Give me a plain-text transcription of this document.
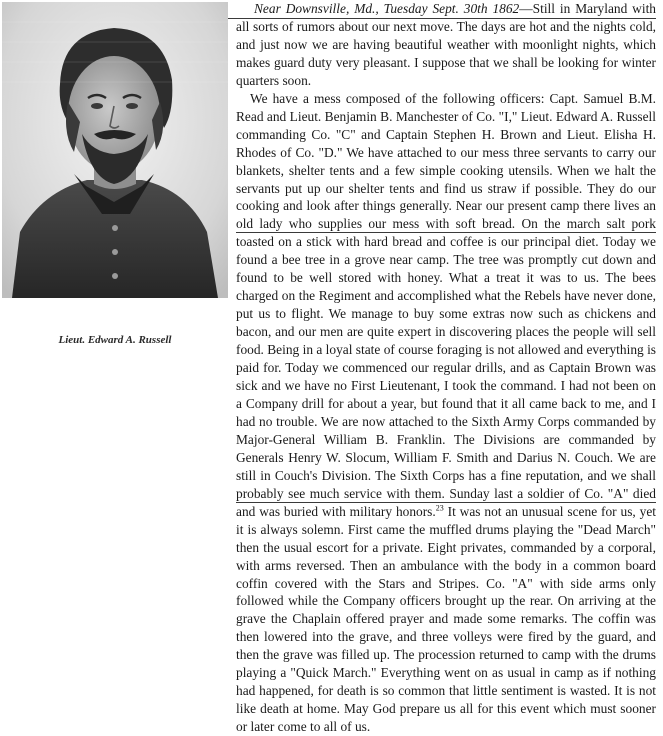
Lieut. Edward A. Russell

Near Downsville, Md., Tuesday Sept. 30th 1862—Still in Maryland with all sorts of rumors about our next move. The days are hot and the nights cold, and just now we are having beautiful weather with moonlight nights, which makes guard duty very pleasant. I suppose that we shall be looking for winter quarters soon.

We have a mess composed of the following officers: Capt. Samuel B.M. Read and Lieut. Benjamin B. Manchester of Co. "I," Lieut. Edward A. Russell commanding Co. "C" and Captain Stephen H. Brown and Lieut. Elisha H. Rhodes of Co. "D." We have attached to our mess three servants to carry our blankets, shelter tents and a few simple cooking utensils. When we halt the servants put up our shelter tents and find us straw if possible. They do our cooking and look after things generally. Near our present camp there lives an old lady who supplies our mess with soft bread. On the march salt pork toasted on a stick with hard bread and coffee is our principal diet. Today we found a bee tree in a grove near camp. The tree was promptly cut down and found to be well stored with honey. What a treat it was to us. The bees charged on the Regiment and accomplished what the Rebels have never done, put us to flight. We manage to buy some extras now such as chickens and bacon, and our men are quite expert in discovering places the people will sell food. Being in a loyal state of course foraging is not allowed and everything is paid for. Today we commenced our regular drills, and as Captain Brown was sick and we have no First Lieutenant, I took the command. I had not been on a Company drill for about a year, but found that it all came back to me, and I had no trouble. We are now attached to the Sixth Army Corps commanded by Major-General William B. Franklin. The Divisions are commanded by Generals Henry W. Slocum, William F. Smith and Darius N. Couch. We are still in Couch's Division. The Sixth Corps has a fine reputation, and we shall probably see much service with them. Sunday last a soldier of Co. "A" died and was buried with military honors.$^{23}$ It was not an unusual scene for us, yet it is always solemn. First came the muffled drums playing the "Dead March" then the usual escort for a private. Eight privates, commanded by a corporal, with arms reversed. Then an ambulance with the body in a common board coffin covered with the Stars and Stripes. Co. "A" with side arms only followed while the Company officers brought up the rear. On arriving at the grave the Chaplain offered prayer and made some remarks. The coffin was then lowered into the grave, and three volleys were fired by the guard, and then the grave was filled up. The procession returned to camp with the drums playing a "Quick March." Everything went on as usual in camp as if nothing had happened, for death is so common that little sentiment is wasted. It is not like death at home. May God prepare us all for this event which must sooner or later come to all of us.
